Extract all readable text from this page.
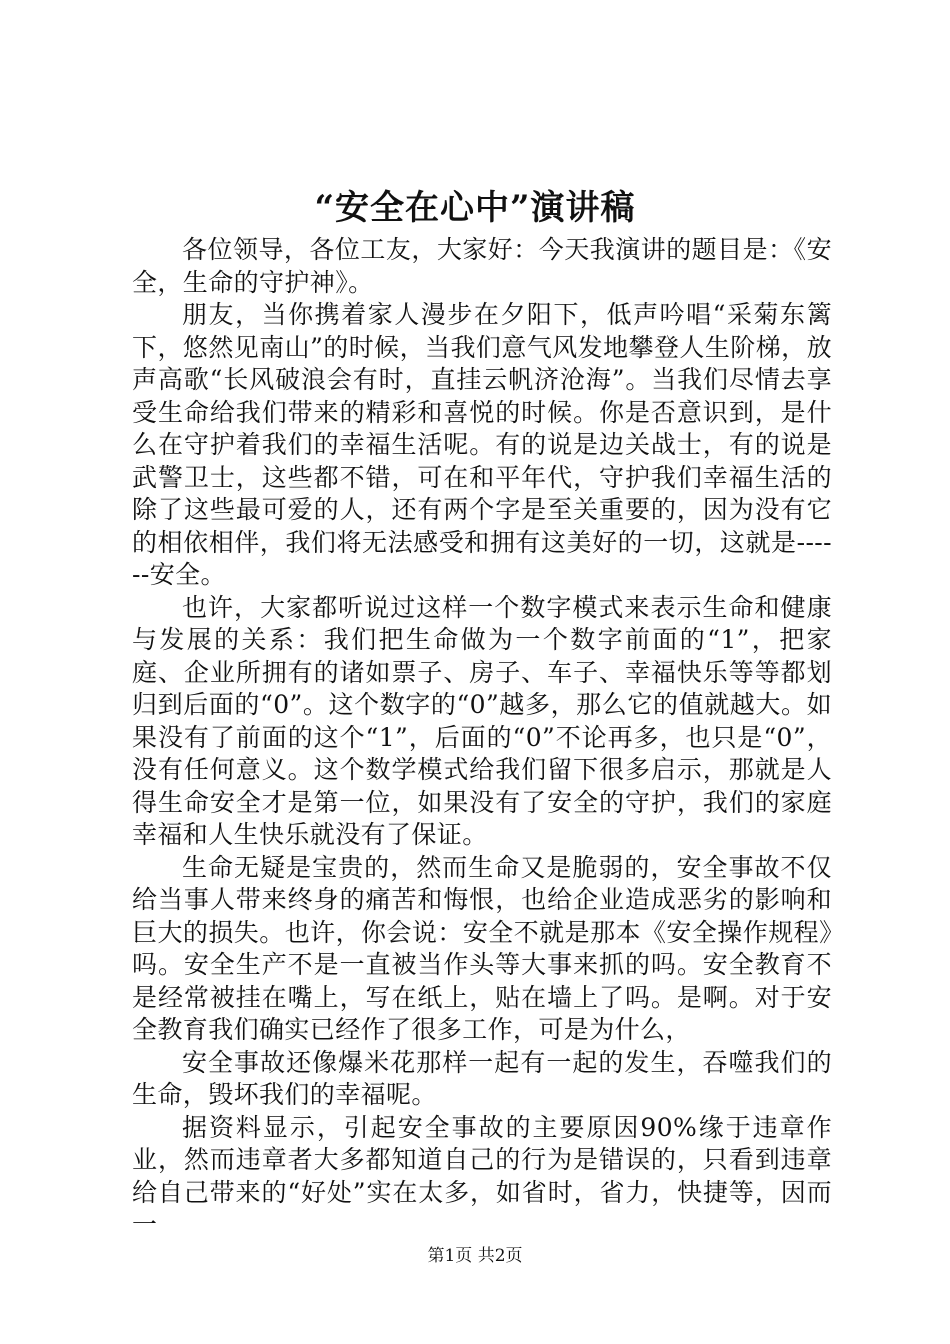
“安全在心中”演讲稿

各位领导，各位工友，大家好：今天我演讲的题目是：《安全，生命的守护神》。

朋友，当你携着家人漫步在夕阳下，低声吟唱“采菊东篱下，悠然见南山”的时候，当我们意气风发地攀登人生阶梯，放声高歌“长风破浪会有时，直挂云帆济沧海”。当我们尽情去享受生命给我们带来的精彩和喜悦的时候。你是否意识到，是什么在守护着我们的幸福生活呢。有的说是边关战士，有的说是武警卫士，这些都不错，可在和平年代，守护我们幸福生活的除了这些最可爱的人，还有两个字是至关重要的，因为没有它的相依相伴，我们将无法感受和拥有这美好的一切，这就是------安全。

也许，大家都听说过这样一个数字模式来表示生命和健康与发展的关系：我们把生命做为一个数字前面的“1”，把家庭、企业所拥有的诸如票子、房子、车子、幸福快乐等等都划归到后面的“0”。这个数字的“0”越多，那么它的值就越大。如果没有了前面的这个“1”，后面的“0”不论再多，也只是“0”，没有任何意义。这个数学模式给我们留下很多启示，那就是人得生命安全才是第一位，如果没有了安全的守护，我们的家庭幸福和人生快乐就没有了保证。

生命无疑是宝贵的，然而生命又是脆弱的，安全事故不仅给当事人带来终身的痛苦和悔恨，也给企业造成恶劣的影响和巨大的损失。也许，你会说：安全不就是那本《安全操作规程》吗。安全生产不是一直被当作头等大事来抓的吗。安全教育不是经常被挂在嘴上，写在纸上，贴在墙上了吗。是啊。对于安全教育我们确实已经作了很多工作，可是为什么，

安全事故还像爆米花那样一起有一起的发生，吞噬我们的生命，毁坏我们的幸福呢。

据资料显示，引起安全事故的主要原因90%缘于违章作业，然而违章者大多都知道自己的行为是错误的，只看到违章给自己带来的“好处”实在太多，如省时，省力，快捷等，因而一

第1页 共2页
